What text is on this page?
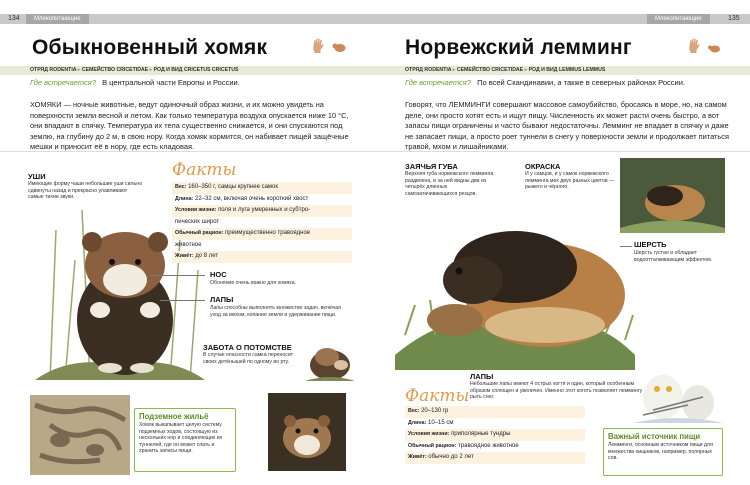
134	Млекопитающие
Обыкновенный хомяк
ОТРЯД RODENTIA ▸ СЕМЕЙСТВО CRICETIDAE ▸ РОД И ВИД CRICETUS CRICETUS
Где встречается? В центральной части Европы и России.
ХОМЯКИ — ночные животные, ведут одиночный образ жизни, и их можно увидеть на поверхности земли весной и летом. Как только температура воздуха опускается ниже 10 °С, они впадают в спячку. Температура их тела существенно снижается, и они спускаются под землю, на глубину до 2 м, в свою нору. Когда хомяк кормится, он набивает пищей защёчные мешки и приносит её в нору, где есть кладовая.
УШИ
Имеющие форму чаши небольшие уши сильно сдвинуты назад и прекрасно улавливают самые тихие звуки.
НОС
Обоняние очень важно для хомяка.
ЛАПЫ
Лапы способны выполнять множество задач, включая уход за мехом, копание земли и удерживание пищи.
ЗАБОТА О ПОТОМСТВЕ
В случае опасности самка переносит своих детёнышей по одному во рту.
Факты
Вес: 160–350 г, самцы крупнее самок
Длина: 22–32 см, включая очень короткий хвост
Условия жизни: поля и луга умеренных и субтро-
пических широт
Обычный рацион: преимущественно травоядное
животное
Живёт: до 8 лет
Подземное жильё
Хомяк выкапывает целую систему подземных ходов, состоящую из нескольких нор и соединяющих их туннелей, где он может спать и хранить запасы пищи.
Млекопитающие	135
Норвежский лемминг
ОТРЯД RODENTIA ▸ СЕМЕЙСТВО CRICETIDAE ▸ РОД И ВИД LEMMUS LEMMUS
Где встречается? По всей Скандинавии, а также в северных районах России.
Говорят, что ЛЕММИНГИ совершают массовое самоубийство, бросаясь в море, но, на самом деле, они просто хотят есть и ищут пищу. Численность их может расти очень быстро, а вот запасы пищи ограничены и часто бывают недостаточны. Лемминг не впадает в спячку и даже не запасает пищи, а просто роет туннели в снегу у поверхности земли и продолжает питаться травой, мхом и лишайниками.
ЗАЯЧЬЯ ГУБА
Верхняя губа норвежского лемминга раздвоена, и за ней видны два из четырёх длинных самозатачивающихся резцов.
ОКРАСКА
И у самцов, и у самок норвежского лемминга мех двух разных цветов — рыжего и чёрного.
ШЕРСТЬ
Шерсть густая и обладает водоотталкивающим эффектом.
ЛАПЫ
Небольшие лапы имеют 4 острых когтя и один, который особенным образом сплющен и увеличен. Именно этот коготь позволяет леммингу рыть снег.
Факты
Вес: 20–130 гр
Длина: 10–15 см
Условия жизни: приполярные тундры
Обычный рацион: травоядное животное
Живёт: обычно до 2 лет
Важный источник пищи
Лемминги, основным источником пищи для множества хищников, например, полярных сов.
